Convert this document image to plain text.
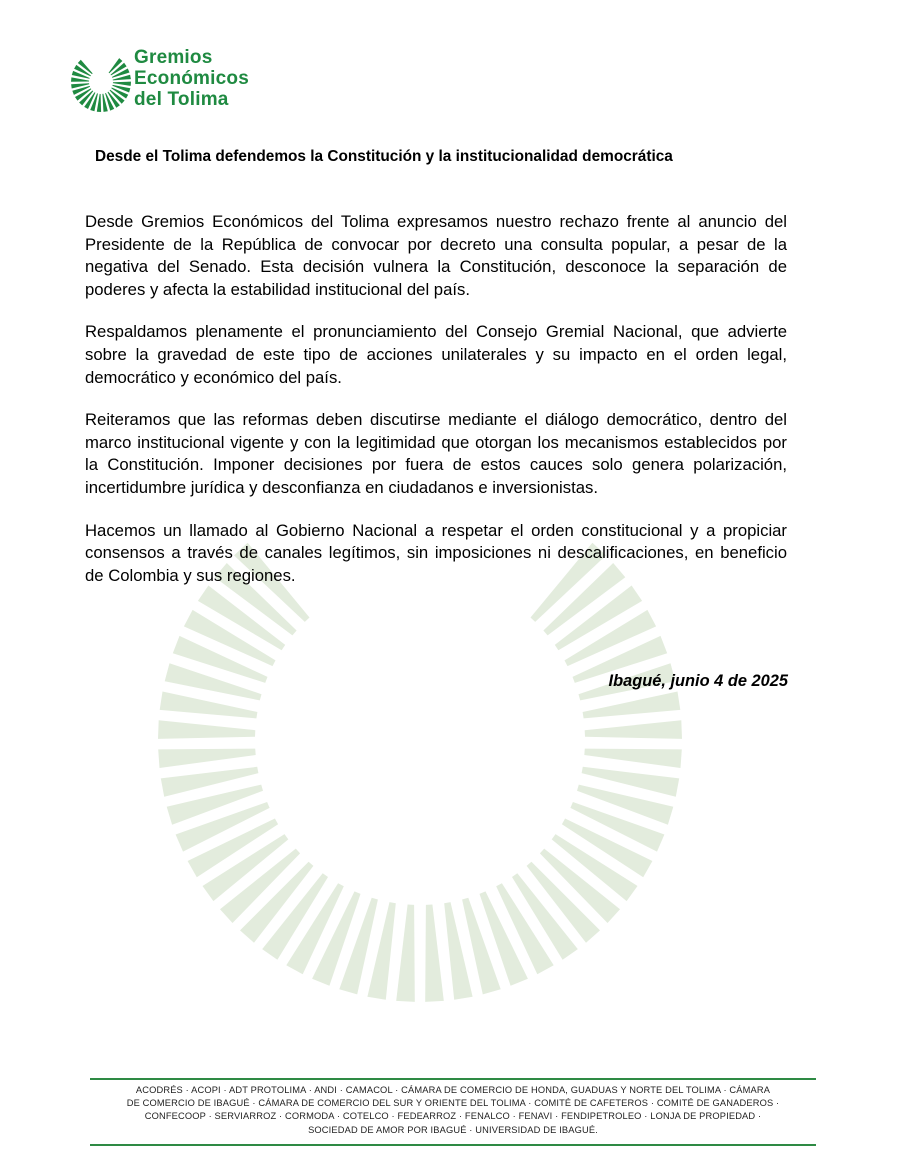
Gremios
Económicos
del Tolima
Desde el Tolima defendemos la Constitución y la institucionalidad democrática

Desde Gremios Económicos del Tolima expresamos nuestro rechazo frente al anuncio del Presidente de la República de convocar por decreto una consulta popular, a pesar de la negativa del Senado. Esta decisión vulnera la Constitución, desconoce la separación de poderes y afecta la estabilidad institucional del país.

Respaldamos plenamente el pronunciamiento del Consejo Gremial Nacional, que advierte sobre la gravedad de este tipo de acciones unilaterales y su impacto en el orden legal, democrático y económico del país.

Reiteramos que las reformas deben discutirse mediante el diálogo democrático, dentro del marco institucional vigente y con la legitimidad que otorgan los mecanismos establecidos por la Constitución. Imponer decisiones por fuera de estos cauces solo genera polarización, incertidumbre jurídica y desconfianza en ciudadanos e inversionistas.

Hacemos un llamado al Gobierno Nacional a respetar el orden constitucional y a propiciar consensos a través de canales legítimos, sin imposiciones ni descalificaciones, en beneficio de Colombia y sus regiones.

Ibagué, junio 4 de 2025
ACODRÉS · ACOPI · ADT PROTOLIMA · ANDI · CAMACOL · CÁMARA DE COMERCIO DE HONDA, GUADUAS Y NORTE DEL TOLIMA · CÁMARA
DE COMERCIO DE IBAGUÉ · CÁMARA DE COMERCIO DEL SUR Y ORIENTE DEL TOLIMA · COMITÉ DE CAFETEROS · COMITÉ DE GANADEROS ·
CONFECOOP · SERVIARROZ · CORMODA · COTELCO · FEDEARROZ · FENALCO · FENAVI · FENDIPETROLEO · LONJA DE PROPIEDAD ·
SOCIEDAD DE AMOR POR IBAGUÉ · UNIVERSIDAD DE IBAGUÉ.
